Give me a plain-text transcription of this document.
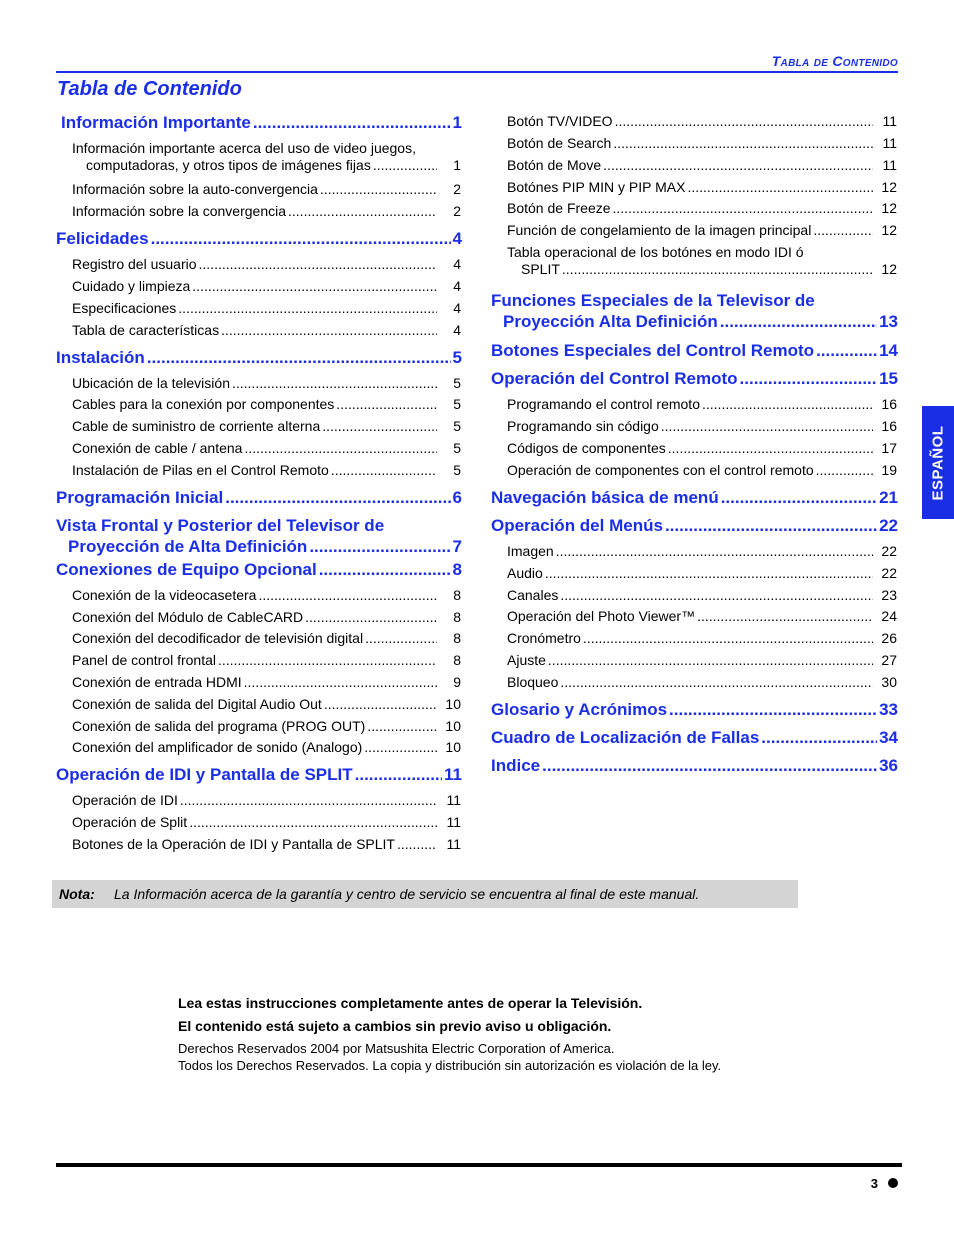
Tabla de Contenido
Tabla de Contenido
Información Importante .....	1
Información importante acerca del uso de video juegos,
computadoras, y otros tipos de imágenes fijas .....	1
Información sobre la auto-convergencia .....	2
Información sobre la convergencia .....	2
Felicidades .....	4
Registro del usuario .....	4
Cuidado y limpieza .....	4
Especificaciones .....	4
Tabla de características .....	4
Instalación .....	5
Ubicación de la televisión .....	5
Cables para la conexión por componentes .....	5
Cable de suministro de corriente alterna .....	5
Conexión de cable / antena .....	5
Instalación de Pilas en el Control Remoto .....	5
Programación Inicial .....	6
Vista Frontal y Posterior del Televisor de
Proyección de Alta Definición .....	7
Conexiones de Equipo Opcional .....	8
Conexión de la videocasetera .....	8
Conexión del Módulo de CableCARD .....	8
Conexión del decodificador de televisión digital .....	8
Panel de control frontal .....	8
Conexión de entrada HDMI .....	9
Conexión de salida del Digital Audio Out .....	10
Conexión de salida del programa (PROG OUT) .....	10
Conexión del amplificador de sonido (Analogo) .....	10
Operación de IDI y Pantalla de SPLIT .....	11
Operación de IDI .....	11
Operación de Split .....	11
Botones de la Operación de IDI y Pantalla de SPLIT .....	11
Botón TV/VIDEO .....	11
Botón de Search .....	11
Botón de Move .....	11
Botónes PIP MIN y PIP MAX .....	12
Botón de Freeze .....	12
Función de congelamiento de la imagen principal .....	12
Tabla operacional de los botónes en modo IDI ó
SPLIT .....	12
Funciones Especiales de la Televisor de
Proyección Alta Definición .....	13
Botones Especiales del Control Remoto .....	14
Operación del Control Remoto .....	15
Programando el control remoto .....	16
Programando sin código .....	16
Códigos de componentes .....	17
Operación de componentes con el control remoto .....	19
Navegación básica de menú .....	21
Operación del Menús .....	22
Imagen .....	22
Audio .....	22
Canales .....	23
Operación del Photo Viewer™ .....	24
Cronómetro .....	26
Ajuste .....	27
Bloqueo .....	30
Glosario y Acrónimos .....	33
Cuadro de Localización de Fallas .....	34
Indice .....	36
ESPAÑOL
Nota: La Información acerca de la garantía y centro de servicio se encuentra al final de este manual.
Lea estas instrucciones completamente antes de operar la Televisión.
El contenido está sujeto a cambios sin previo aviso u obligación.
Derechos Reservados 2004 por Matsushita Electric Corporation of America.
Todos los Derechos Reservados. La copia y distribución sin autorización es violación de la ley.
3
